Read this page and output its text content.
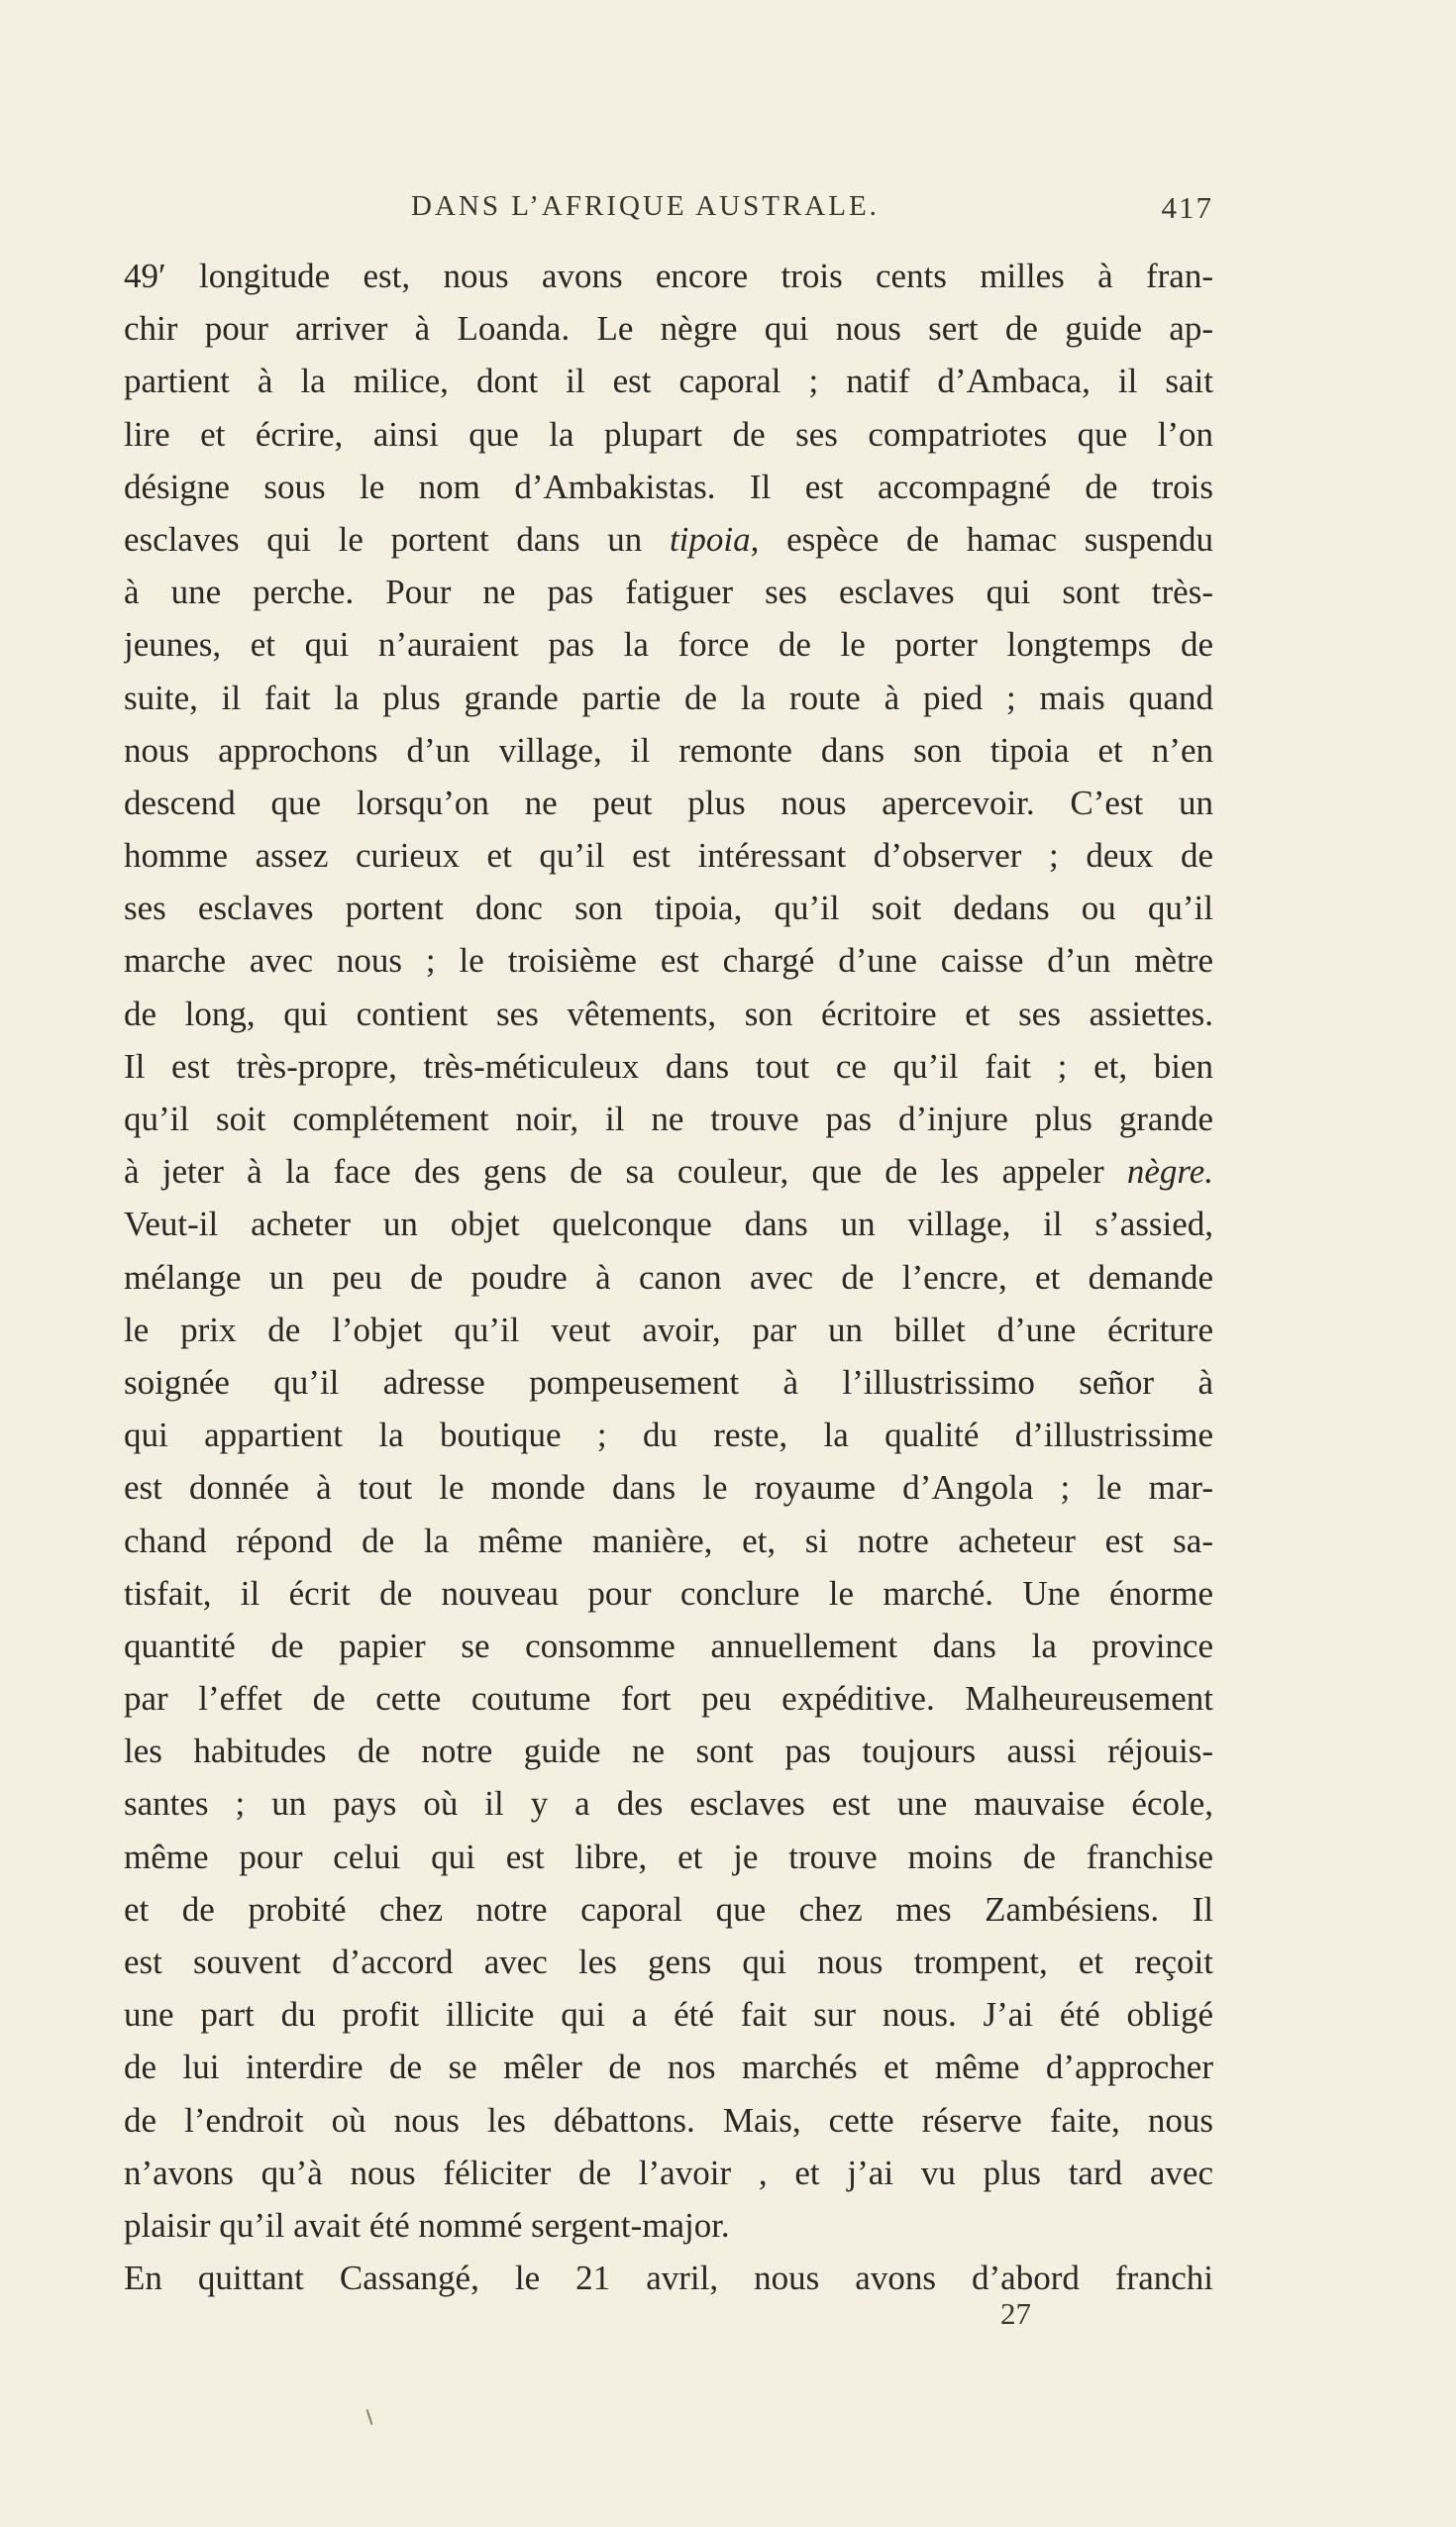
DANS L’AFRIQUE AUSTRALE.	417
49′ longitude est, nous avons encore trois cents milles à fran-
chir pour arriver à Loanda. Le nègre qui nous sert de guide ap-
partient à la milice, dont il est caporal ; natif d’Ambaca, il sait
lire et écrire, ainsi que la plupart de ses compatriotes que l’on
désigne sous le nom d’Ambakistas. Il est accompagné de trois
esclaves qui le portent dans un tipoia, espèce de hamac suspendu
à une perche. Pour ne pas fatiguer ses esclaves qui sont très-
jeunes, et qui n’auraient pas la force de le porter longtemps de
suite, il fait la plus grande partie de la route à pied ; mais quand
nous approchons d’un village, il remonte dans son tipoia et n’en
descend que lorsqu’on ne peut plus nous apercevoir. C’est un
homme assez curieux et qu’il est intéressant d’observer ; deux de
ses esclaves portent donc son tipoia, qu’il soit dedans ou qu’il
marche avec nous ; le troisième est chargé d’une caisse d’un mètre
de long, qui contient ses vêtements, son écritoire et ses assiettes.
Il est très-propre, très-méticuleux dans tout ce qu’il fait ; et, bien
qu’il soit complétement noir, il ne trouve pas d’injure plus grande
à jeter à la face des gens de sa couleur, que de les appeler nègre.
Veut-il acheter un objet quelconque dans un village, il s’assied,
mélange un peu de poudre à canon avec de l’encre, et demande
le prix de l’objet qu’il veut avoir, par un billet d’une écriture
soignée qu’il adresse pompeusement à l’illustrissimo señor à
qui appartient la boutique ; du reste, la qualité d’illustrissime
est donnée à tout le monde dans le royaume d’Angola ; le mar-
chand répond de la même manière, et, si notre acheteur est sa-
tisfait, il écrit de nouveau pour conclure le marché. Une énorme
quantité de papier se consomme annuellement dans la province
par l’effet de cette coutume fort peu expéditive. Malheureusement
les habitudes de notre guide ne sont pas toujours aussi réjouis-
santes ; un pays où il y a des esclaves est une mauvaise école,
même pour celui qui est libre, et je trouve moins de franchise
et de probité chez notre caporal que chez mes Zambésiens. Il
est souvent d’accord avec les gens qui nous trompent, et reçoit
une part du profit illicite qui a été fait sur nous. J’ai été obligé
de lui interdire de se mêler de nos marchés et même d’approcher
de l’endroit où nous les débattons. Mais, cette réserve faite, nous
n’avons qu’à nous féliciter de l’avoir , et j’ai vu plus tard avec
plaisir qu’il avait été nommé sergent-major.
En quittant Cassangé, le 21 avril, nous avons d’abord franchi
27
